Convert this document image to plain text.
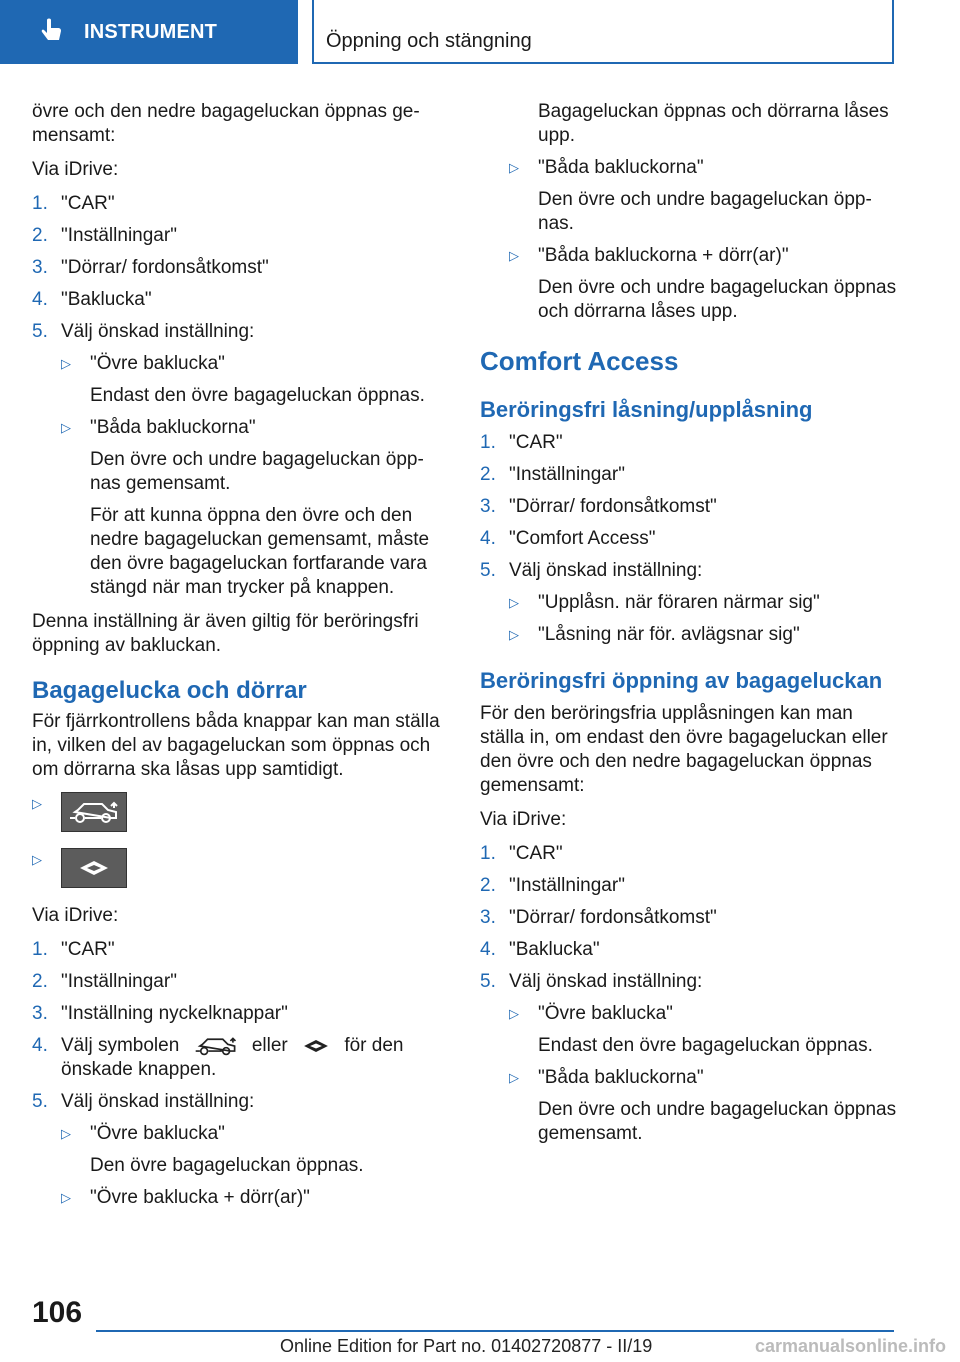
INSTRUMENT	Öppning och stängning

övre och den nedre bagageluckan öppnas gemensamt:

Via iDrive:

1. "CAR"
2. "Inställningar"
3. "Dörrar/ fordonsåtkomst"
4. "Baklucka"
5. Välj önskad inställning:
▷	"Övre baklucka"
Endast den övre bagageluckan öppnas.
▷	"Båda bakluckorna"
Den övre och undre bagageluckan öppnas gemensamt.
För att kunna öppna den övre och den nedre bagageluckan gemensamt, måste den övre bagageluckan fortfarande vara stängd när man trycker på knappen.

Denna inställning är även giltig för beröringsfri öppning av bakluckan.

Bagagelucka och dörrar

För fjärrkontrollens båda knappar kan man ställa in, vilken del av bagageluckan som öppnas och om dörrarna ska låsas upp samtidigt.

▷
▷

Via iDrive:

1. "CAR"
2. "Inställningar"
3. "Inställning nyckelknappar"
4. Välj symbolen	eller	för den önskade knappen.
5. Välj önskad inställning:
▷	"Övre baklucka"
Den övre bagageluckan öppnas.
▷	"Övre baklucka + dörr(ar)"
Bagageluckan öppnas och dörrarna låses upp.
▷	"Båda bakluckorna"
Den övre och undre bagageluckan öppnas.
▷	"Båda bakluckorna + dörr(ar)"
Den övre och undre bagageluckan öppnas och dörrarna låses upp.
Comfort Access
Beröringsfri låsning/upplåsning
1. "CAR"
2. "Inställningar"
3. "Dörrar/ fordonsåtkomst"
4. "Comfort Access"
5. Välj önskad inställning:
▷	"Upplåsn. när föraren närmar sig"
▷	"Låsning när för. avlägsnar sig"
Beröringsfri öppning av bagageluckan

För den beröringsfria upplåsningen kan man ställa in, om endast den övre bagageluckan eller den övre och den nedre bagageluckan öppnas gemensamt:

Via iDrive:

1. "CAR"
2. "Inställningar"
3. "Dörrar/ fordonsåtkomst"
4. "Baklucka"
5. Välj önskad inställning:
▷	"Övre baklucka"
Endast den övre bagageluckan öppnas.
▷	"Båda bakluckorna"
Den övre och undre bagageluckan öppnas gemensamt.
106
Online Edition for Part no. 01402720877 - II/19	carmanualsonline.info
